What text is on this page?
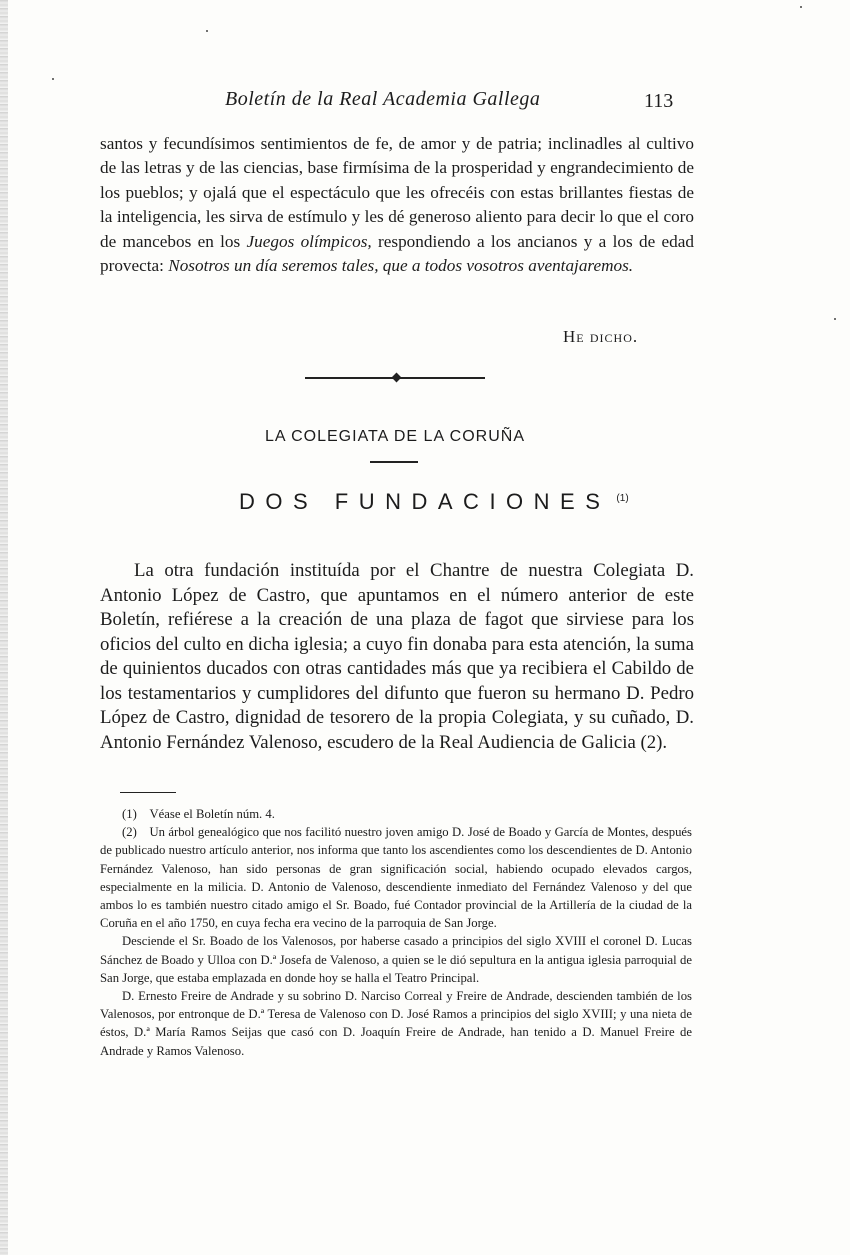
Boletín de la Real Academia Gallega	113

santos y fecundísimos sentimientos de fe, de amor y de patria; inclinadles al cultivo de las letras y de las ciencias, base firmísima de la prosperidad y engrandecimiento de los pueblos; y ojalá que el espectáculo que les ofrecéis con estas brillantes fiestas de la inteligencia, les sirva de estímulo y les dé generoso aliento para decir lo que el coro de mancebos en los Juegos olímpicos, respondiendo a los ancianos y a los de edad provecta: Nosotros un día seremos tales, que a todos vosotros aventajaremos.

He dicho.
LA COLEGIATA DE LA CORUÑA
DOS FUNDACIONES $^{(1)}$

La otra fundación instituída por el Chantre de nuestra Colegiata D. Antonio López de Castro, que apuntamos en el número anterior de este Boletín, refiérese a la creación de una plaza de fagot que sirviese para los oficios del culto en dicha iglesia; a cuyo fin donaba para esta atención, la suma de quinientos ducados con otras cantidades más que ya recibiera el Cabildo de los testamentarios y cumplidores del difunto que fueron su hermano D. Pedro López de Castro, dignidad de tesorero de la propia Colegiata, y su cuñado, D. Antonio Fernández Valenoso, escudero de la Real Audiencia de Galicia (2).

(1) Véase el Boletín núm. 4.

(2) Un árbol genealógico que nos facilitó nuestro joven amigo D. José de Boado y García de Montes, después de publicado nuestro artículo anterior, nos informa que tanto los ascendientes como los descendientes de D. Antonio Fernández Valenoso, han sido personas de gran significación social, habiendo ocupado elevados cargos, especialmente en la milicia. D. Antonio de Valenoso, descendiente inmediato del Fernández Valenoso y del que ambos lo es también nuestro citado amigo el Sr. Boado, fué Contador provincial de la Artillería de la ciudad de la Coruña en el año 1750, en cuya fecha era vecino de la parroquia de San Jorge.

Desciende el Sr. Boado de los Valenosos, por haberse casado a principios del siglo XVIII el coronel D. Lucas Sánchez de Boado y Ulloa con D.ª Josefa de Valenoso, a quien se le dió sepultura en la antigua iglesia parroquial de San Jorge, que estaba emplazada en donde hoy se halla el Teatro Principal.

D. Ernesto Freire de Andrade y su sobrino D. Narciso Correal y Freire de Andrade, descienden también de los Valenosos, por entronque de D.ª Teresa de Valenoso con D. José Ramos a principios del siglo XVIII; y una nieta de éstos, D.ª María Ramos Seijas que casó con D. Joaquín Freire de Andrade, han tenido a D. Manuel Freire de Andrade y Ramos Valenoso.
